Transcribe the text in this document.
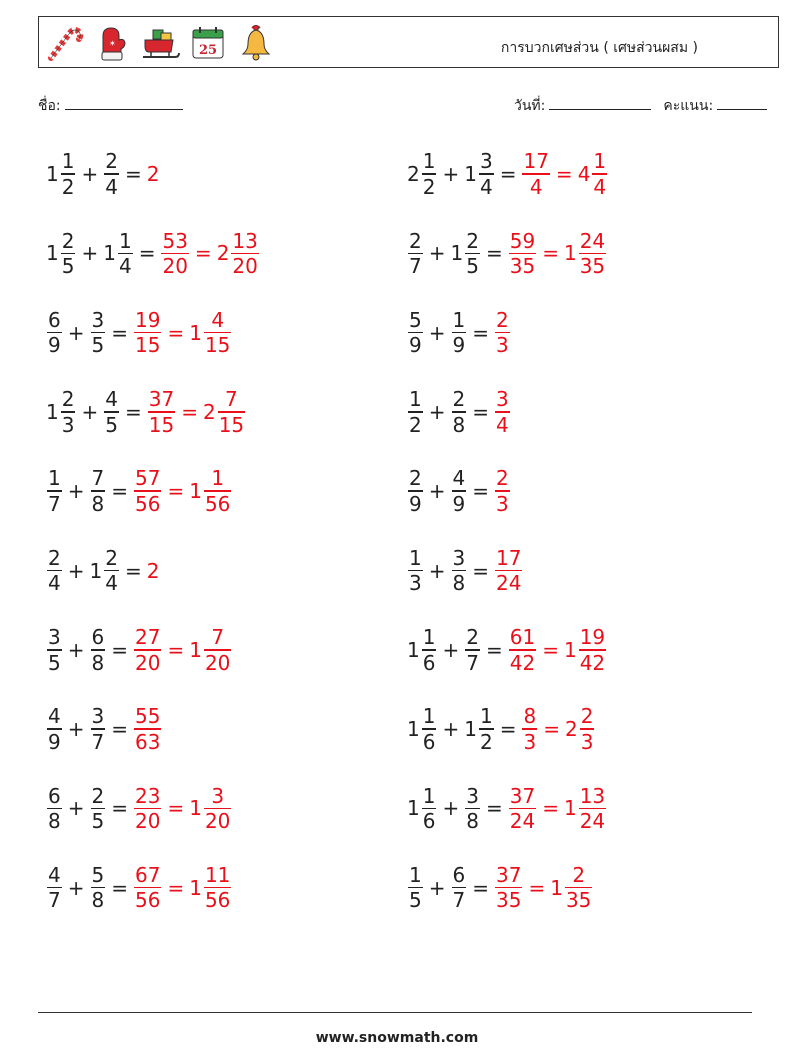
✶	25	การบวกเศษส่วน ( เศษส่วนผสม )
ชื่อ:	วันที่:	คะแนน:
$1 \frac{1}{2} + \frac{2}{4} = 2$	$2 \frac{1}{2} + 1 \frac{3}{4} = \frac{17}{4} = 4 \frac{1}{4}$
$1 \frac{2}{5} + 1 \frac{1}{4} = \frac{53}{20} = 2 \frac{13}{20}$	$\frac{2}{7} + 1 \frac{2}{5} = \frac{59}{35} = 1 \frac{24}{35}$
$\frac{6}{9} + \frac{3}{5} = \frac{19}{15} = 1 \frac{4}{15}$	$\frac{5}{9} + \frac{1}{9} = \frac{2}{3}$
$1 \frac{2}{3} + \frac{4}{5} = \frac{37}{15} = 2 \frac{7}{15}$	$\frac{1}{2} + \frac{2}{8} = \frac{3}{4}$
$\frac{1}{7} + \frac{7}{8} = \frac{57}{56} = 1 \frac{1}{56}$	$\frac{2}{9} + \frac{4}{9} = \frac{2}{3}$
$\frac{2}{4} + 1 \frac{2}{4} = 2$	$\frac{1}{3} + \frac{3}{8} = \frac{17}{24}$
$\frac{3}{5} + \frac{6}{8} = \frac{27}{20} = 1 \frac{7}{20}$	$1 \frac{1}{6} + \frac{2}{7} = \frac{61}{42} = 1 \frac{19}{42}$
$\frac{4}{9} + \frac{3}{7} = \frac{55}{63}$	$1 \frac{1}{6} + 1 \frac{1}{2} = \frac{8}{3} = 2 \frac{2}{3}$
$\frac{6}{8} + \frac{2}{5} = \frac{23}{20} = 1 \frac{3}{20}$	$1 \frac{1}{6} + \frac{3}{8} = \frac{37}{24} = 1 \frac{13}{24}$
$\frac{4}{7} + \frac{5}{8} = \frac{67}{56} = 1 \frac{11}{56}$	$\frac{1}{5} + \frac{6}{7} = \frac{37}{35} = 1 \frac{2}{35}$
www.snowmath.com
